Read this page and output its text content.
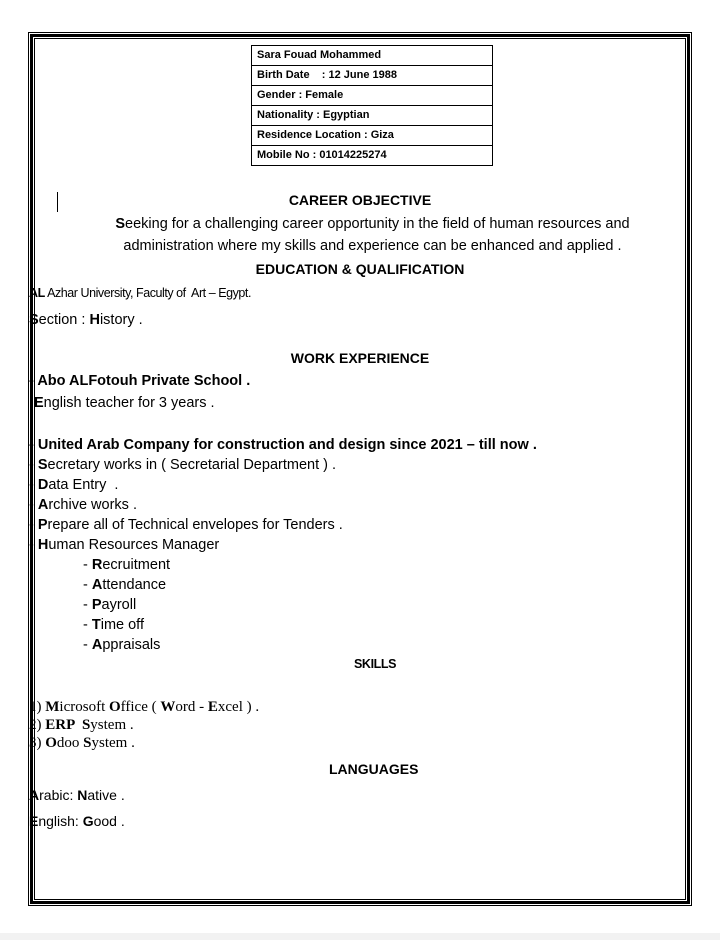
Sara Fouad Mohammed
Birth Date    : 12 June 1988
Gender : Female
Nationality : Egyptian
Residence Location : Giza
Mobile No : 01014225274
CAREER OBJECTIVE
Seeking for a challenging career opportunity in the field of human resources and
administration where my skills and experience can be enhanced and applied .
EDUCATION & QUALIFICATION
AL Azhar University, Faculty of  Art – Egypt.
Section : History .
WORK EXPERIENCE
- Abo ALFotouh Private School .
English teacher for 3 years .
- United Arab Company for construction and design since 2021 – till now .
- Secretary works in ( Secretarial Department ) .
- Data Entry  .
- Archive works .
- Prepare all of Technical envelopes for Tenders .
- Human Resources Manager
- Recruitment
- Attendance
- Payroll
- Time off
- Appraisals
SKILLS
1) Microsoft Office ( Word - Excel ) .
2) ERP  System .
3) Odoo System .
LANGUAGES
Arabic: Native .
English: Good .
